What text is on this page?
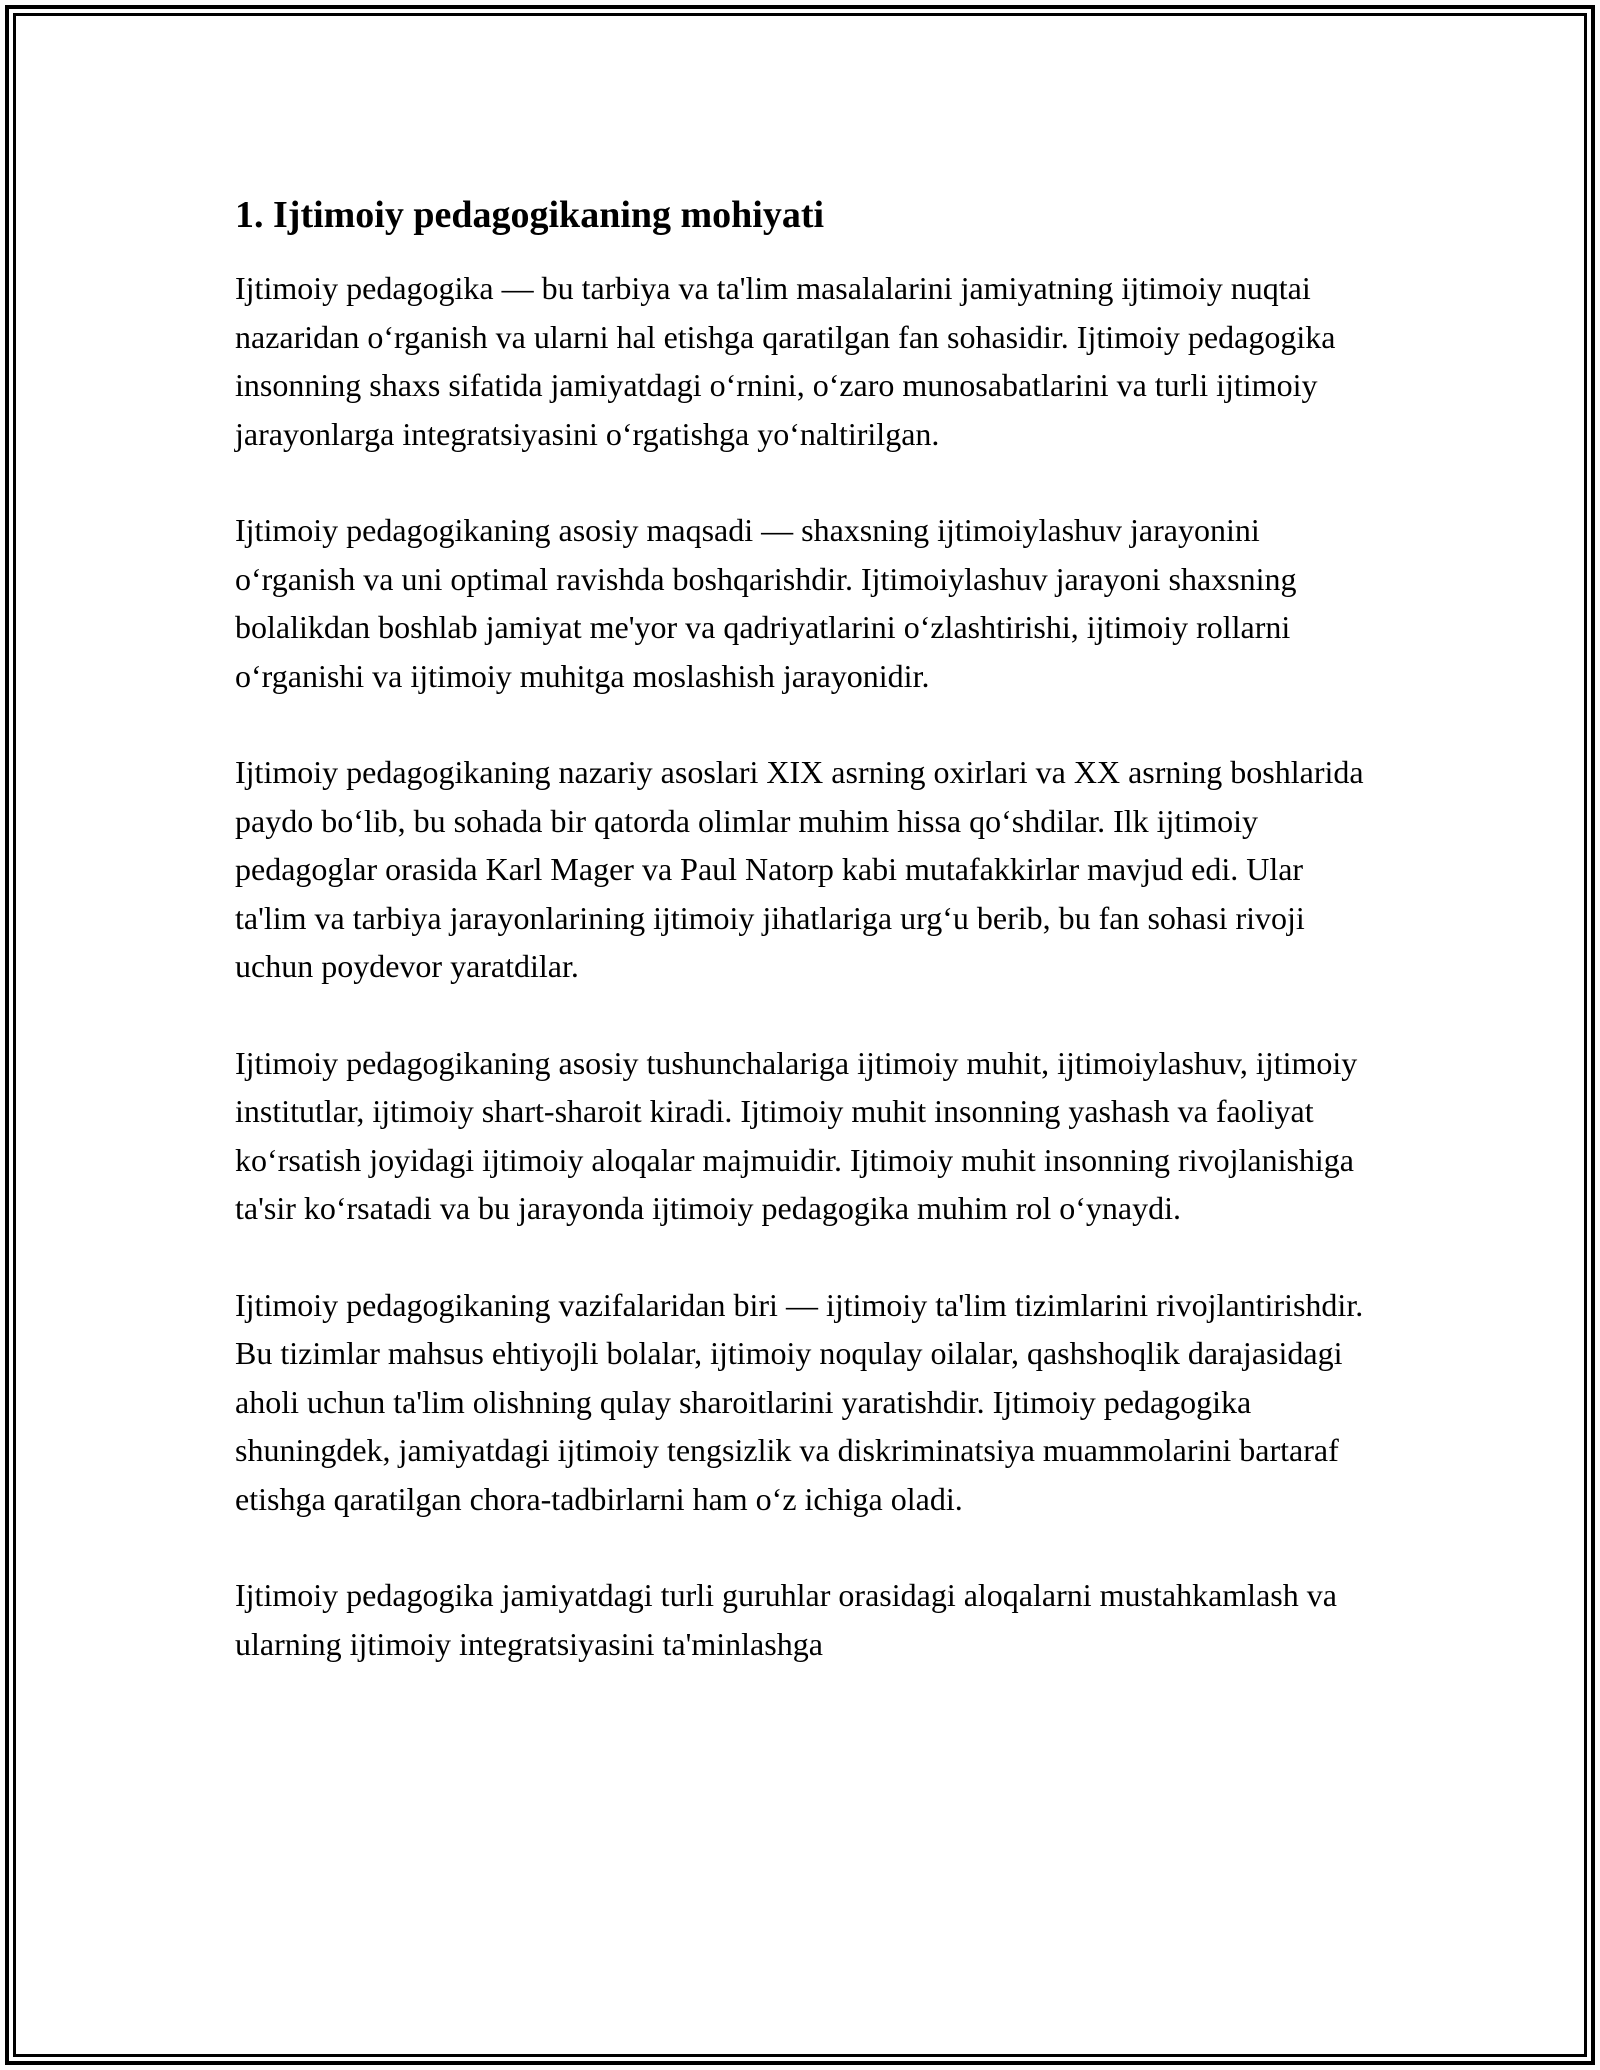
1. Ijtimoiy pedagogikaning mohiyati

Ijtimoiy pedagogika — bu tarbiya va ta'lim masalalarini jamiyatning ijtimoiy nuqtai nazaridan o‘rganish va ularni hal etishga qaratilgan fan sohasidir. Ijtimoiy pedagogika insonning shaxs sifatida jamiyatdagi o‘rnini, o‘zaro munosabatlarini va turli ijtimoiy jarayonlarga integratsiyasini o‘rgatishga yo‘naltirilgan.

Ijtimoiy pedagogikaning asosiy maqsadi — shaxsning ijtimoiylashuv jarayonini o‘rganish va uni optimal ravishda boshqarishdir. Ijtimoiylashuv jarayoni shaxsning bolalikdan boshlab jamiyat me'yor va qadriyatlarini o‘zlashtirishi, ijtimoiy rollarni o‘rganishi va ijtimoiy muhitga moslashish jarayonidir.

Ijtimoiy pedagogikaning nazariy asoslari XIX asrning oxirlari va XX asrning boshlarida paydo bo‘lib, bu sohada bir qatorda olimlar muhim hissa qo‘shdilar. Ilk ijtimoiy pedagoglar orasida Karl Mager va Paul Natorp kabi mutafakkirlar mavjud edi. Ular ta'lim va tarbiya jarayonlarining ijtimoiy jihatlariga urg‘u berib, bu fan sohasi rivoji uchun poydevor yaratdilar.

Ijtimoiy pedagogikaning asosiy tushunchalariga ijtimoiy muhit, ijtimoiylashuv, ijtimoiy institutlar, ijtimoiy shart-sharoit kiradi. Ijtimoiy muhit insonning yashash va faoliyat ko‘rsatish joyidagi ijtimoiy aloqalar majmuidir. Ijtimoiy muhit insonning rivojlanishiga ta'sir ko‘rsatadi va bu jarayonda ijtimoiy pedagogika muhim rol o‘ynaydi.

Ijtimoiy pedagogikaning vazifalaridan biri — ijtimoiy ta'lim tizimlarini rivojlantirishdir. Bu tizimlar mahsus ehtiyojli bolalar, ijtimoiy noqulay oilalar, qashshoqlik darajasidagi aholi uchun ta'lim olishning qulay sharoitlarini yaratishdir. Ijtimoiy pedagogika shuningdek, jamiyatdagi ijtimoiy tengsizlik va diskriminatsiya muammolarini bartaraf etishga qaratilgan chora-tadbirlarni ham o‘z ichiga oladi.

Ijtimoiy pedagogika jamiyatdagi turli guruhlar orasidagi aloqalarni mustahkamlash va ularning ijtimoiy integratsiyasini ta'minlashga
